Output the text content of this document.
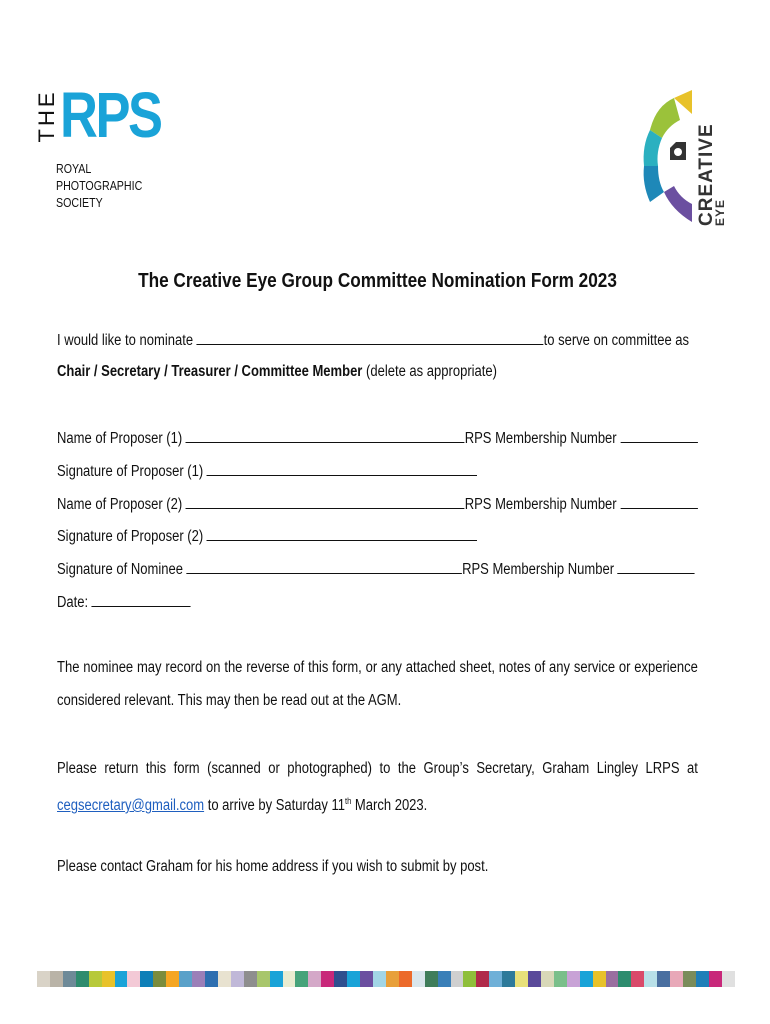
THE RPS
ROYAL
PHOTOGRAPHIC
SOCIETY	CREATIVE
EYE
The Creative Eye Group Committee Nomination Form 2023
I would like to nominate	to serve on committee as
Chair / Secretary / Treasurer / Committee Member (delete as appropriate)
Name of Proposer (1)	RPS Membership Number
Signature of Proposer (1)
Name of Proposer (2)	RPS Membership Number
Signature of Proposer (2)
Signature of Nominee	RPS Membership Number
Date:
The nominee may record on the reverse of this form, or any attached sheet, notes of any service or experience considered relevant. This may then be read out at the AGM.
Please return this form (scanned or photographed) to the Group’s Secretary, Graham Lingley LRPS at cegsecretary@gmail.com to arrive by Saturday 11th March 2023.
Please contact Graham for his home address if you wish to submit by post.
